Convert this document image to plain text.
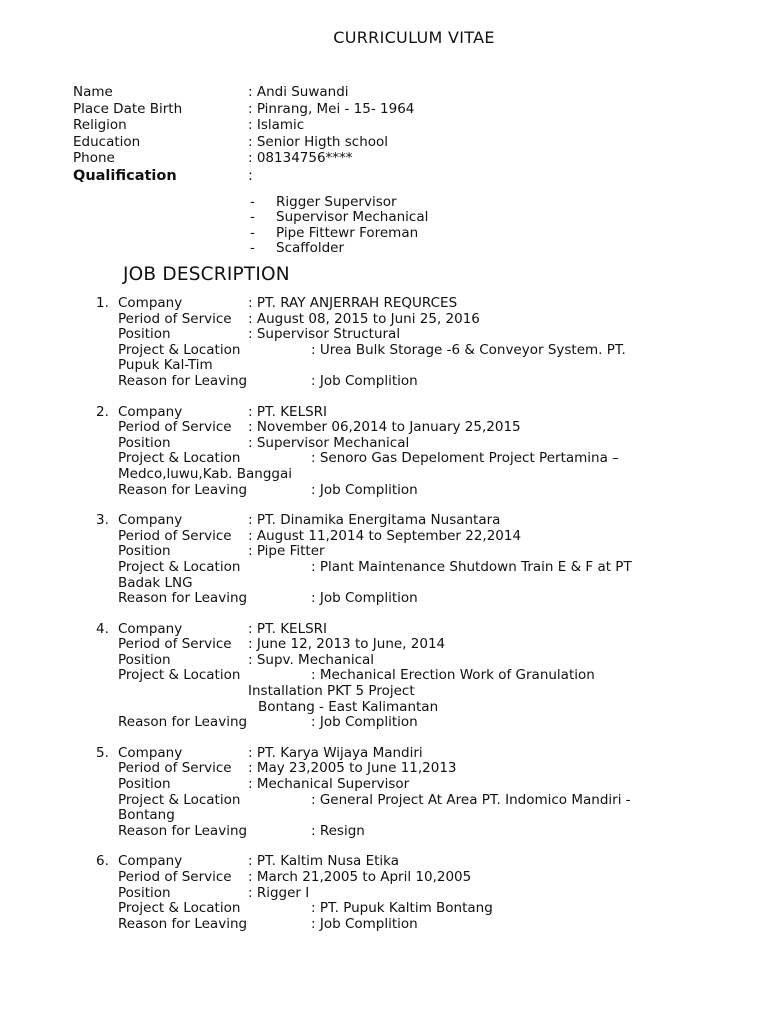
CURRICULUM VITAE
Name	: Andi Suwandi
Place Date Birth	: Pinrang, Mei - 15- 1964
Religion	: Islamic
Education	: Senior Higth school
Phone	: 08134756****
Qualification	:
- Rigger Supervisor
- Supervisor Mechanical
- Pipe Fittewr Foreman
- Scaffolder
JOB DESCRIPTION
1. Company	: PT. RAY ANJERRAH REQURCES
Period of Service : August 08, 2015 to Juni 25, 2016
Position	: Supervisor Structural
Project & Location	: Urea Bulk Storage -6 & Conveyor System. PT.
Pupuk Kal-Tim
Reason for Leaving	: Job Complition
2. Company	: PT. KELSRI
Period of Service : November 06,2014 to January 25,2015
Position	: Supervisor Mechanical
Project & Location	: Senoro Gas Depeloment Project Pertamina –
Medco,luwu,Kab. Banggai
Reason for Leaving	: Job Complition
3. Company	: PT. Dinamika Energitama Nusantara
Period of Service : August 11,2014 to September 22,2014
Position	: Pipe Fitter
Project & Location	: Plant Maintenance Shutdown Train E & F at PT
Badak LNG
Reason for Leaving	: Job Complition
4. Company	: PT. KELSRI
Period of Service : June 12, 2013 to June, 2014
Position	: Supv. Mechanical
Project & Location	: Mechanical Erection Work of Granulation
Installation PKT 5 Project
Bontang - East Kalimantan
Reason for Leaving	: Job Complition
5. Company	: PT. Karya Wijaya Mandiri
Period of Service : May 23,2005 to June 11,2013
Position	: Mechanical Supervisor
Project & Location	: General Project At Area PT. Indomico Mandiri -
Bontang
Reason for Leaving	: Resign
6. Company	: PT. Kaltim Nusa Etika
Period of Service : March 21,2005 to April 10,2005
Position	: Rigger I
Project & Location	: PT. Pupuk Kaltim Bontang
Reason for Leaving	: Job Complition
